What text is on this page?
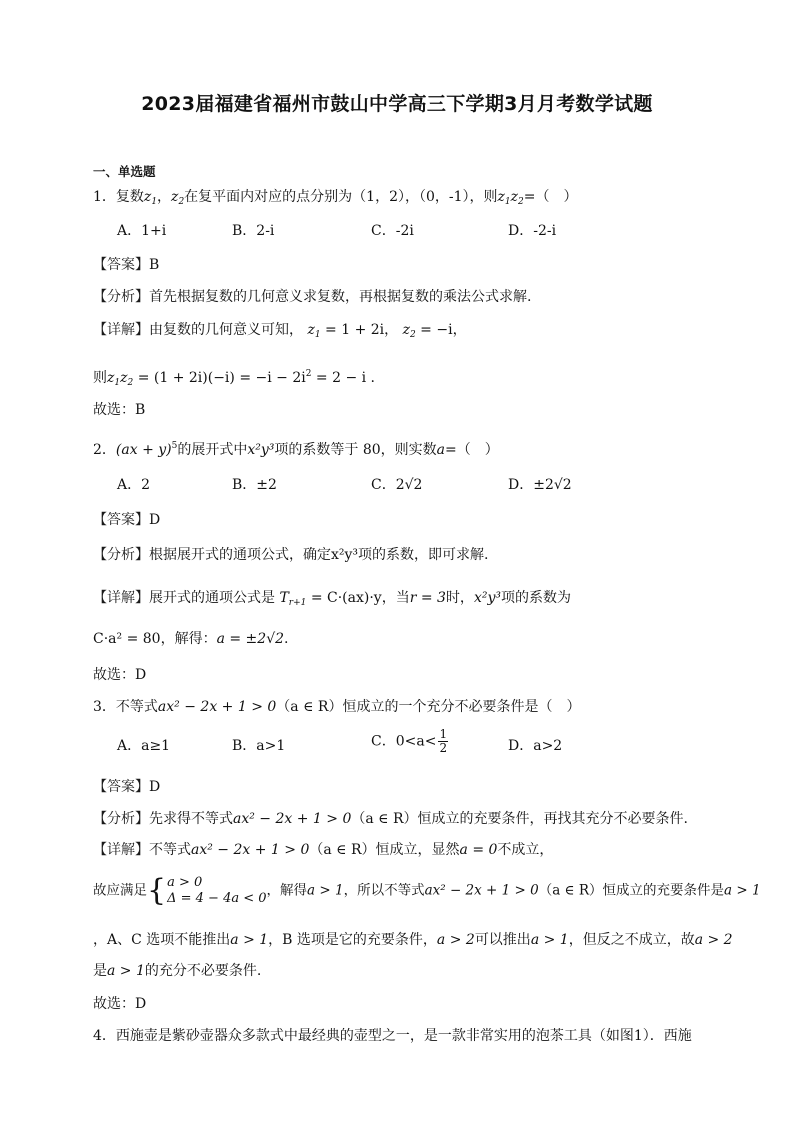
2023届福建省福州市鼓山中学高三下学期3月月考数学试题
一、单选题
1．复数$z_1$，$z_2$在复平面内对应的点分别为（1，2），（0，-1），则$z_1z_2=$（　）
A．1+i	B．2-i	C．-2i	D．-2-i
【答案】B
【分析】首先根据复数的几何意义求复数，再根据复数的乘法公式求解.
【详解】由复数的几何意义可知， $z_1 = 1 + 2i$， $z_2 = -i$，
则$z_1z_2 = (1 + 2i)(-i) = -i - 2i^2 = 2 - i$ .
故选：B
2．(ax + y)$^5$的展开式中x²y³项的系数等于 80，则实数a=（　）
A．2	B．±2	C．2√2	D．±2√2
【答案】D
【分析】根据展开式的通项公式，确定x²y³项的系数，即可求解.
【详解】展开式的通项公式是 $T_{r+1} = C\cdot(ax)\cdot y$，当r = 3时，x²y³项的系数为
C·a² = 80，解得：a = ±2√2.
故选：D
3．不等式ax² − 2x + 1 > 0（a ∈ R）恒成立的一个充分不必要条件是（　）
A．a≥1	B．a>1	C．$0<a< \frac{1}{2}$	D．a>2
【答案】D
【分析】先求得不等式ax² − 2x + 1 > 0（a ∈ R）恒成立的充要条件，再找其充分不必要条件.
【详解】不等式ax² − 2x + 1 > 0（a ∈ R）恒成立，显然a = 0不成立，
故应满足{ a > 0
Δ = 4 − 4a < 0 ，解得a > 1，所以不等式ax² − 2x + 1 > 0（a ∈ R）恒成立的充要条件是a > 1
，A、C 选项不能推出a > 1，B 选项是它的充要条件，a > 2可以推出a > 1，但反之不成立，故a > 2
是a > 1的充分不必要条件.
故选：D
4．西施壶是紫砂壶器众多款式中最经典的壶型之一，是一款非常实用的泡茶工具（如图1）．西施
